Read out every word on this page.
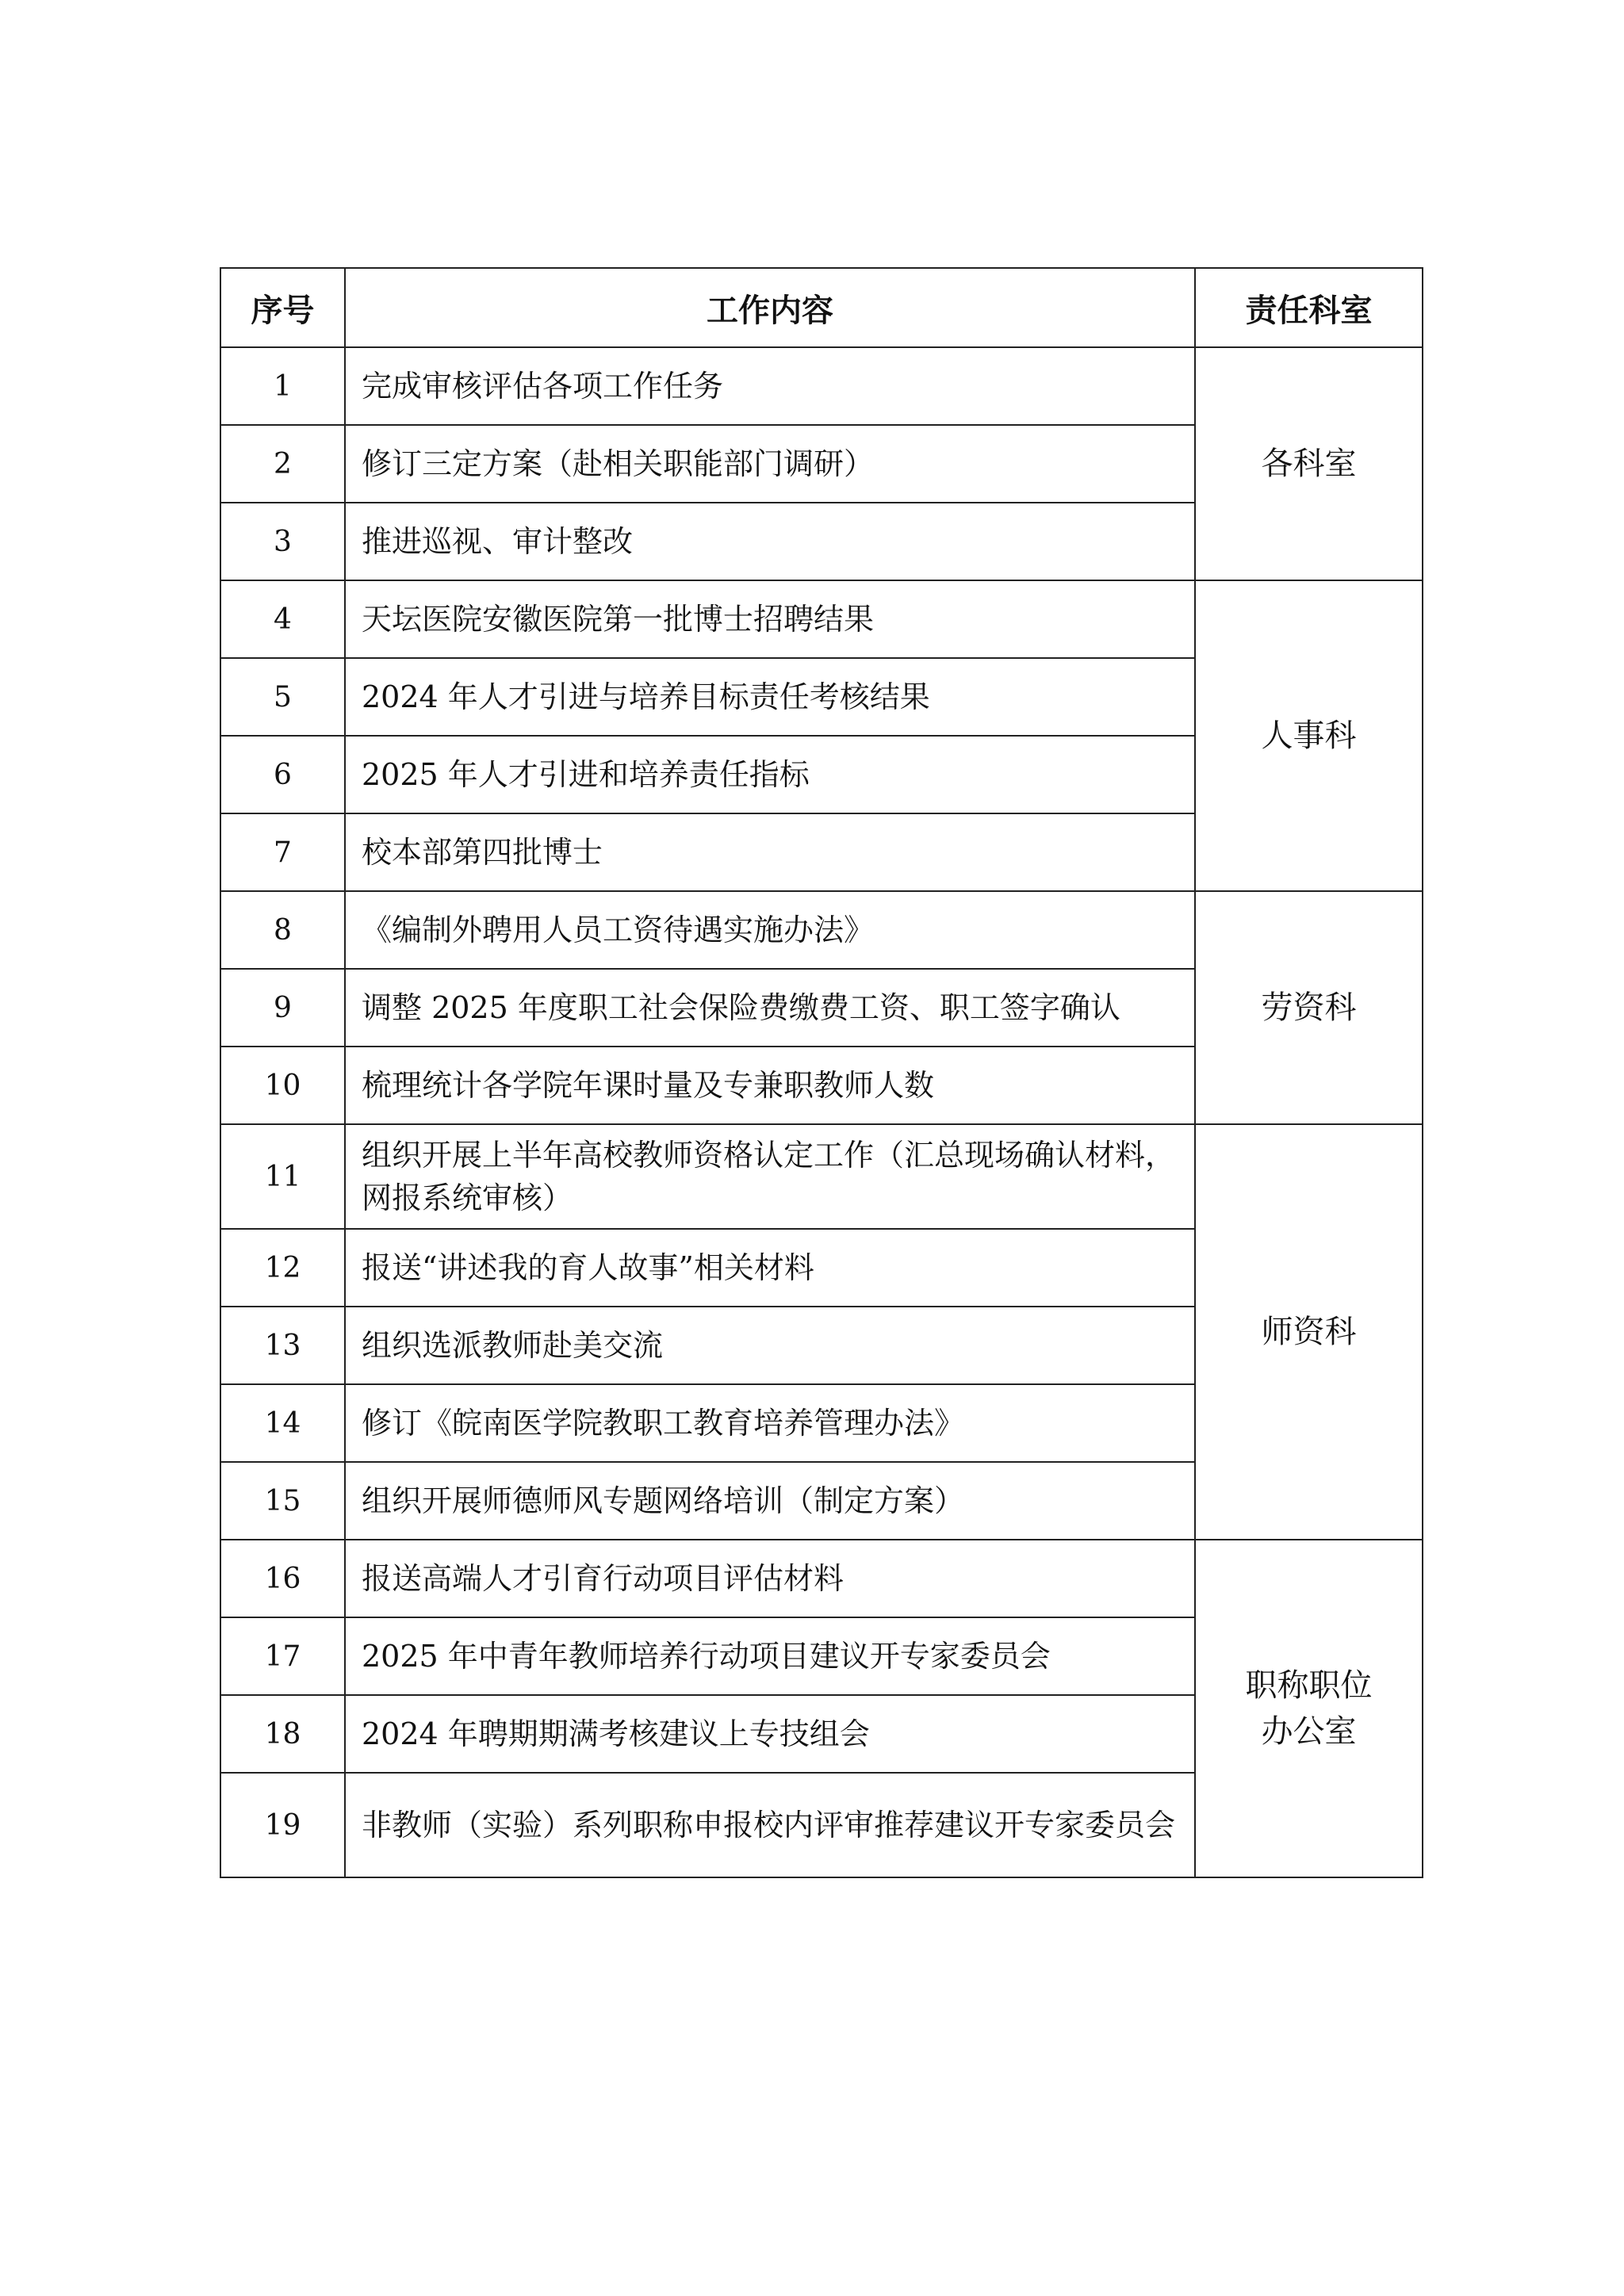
序号	工作内容	责任科室
1	完成审核评估各项工作任务	各科室

2	修订三定方案（赴相关职能部门调研）	
3	推进巡视、审计整改	
4	天坛医院安徽医院第一批博士招聘结果	人事科

5	2024 年人才引进与培养目标责任考核结果	
6	2025 年人才引进和培养责任指标	
7	校本部第四批博士	
8	《编制外聘用人员工资待遇实施办法》	劳资科

9	调整 2025 年度职工社会保险费缴费工资、职工签字确认	
10	梳理统计各学院年课时量及专兼职教师人数	
11	组织开展上半年高校教师资格认定工作（汇总现场确认材料，网报系统审核）	师资科

12	报送“讲述我的育人故事”相关材料	
13	组织选派教师赴美交流	
14	修订《皖南医学院教职工教育培养管理办法》	
15	组织开展师德师风专题网络培训（制定方案）	
16	报送高端人才引育行动项目评估材料	职称职位
办公室

17	2025 年中青年教师培养行动项目建议开专家委员会	
18	2024 年聘期期满考核建议上专技组会	
19	非教师（实验）系列职称申报校内评审推荐建议开专家委员会	
